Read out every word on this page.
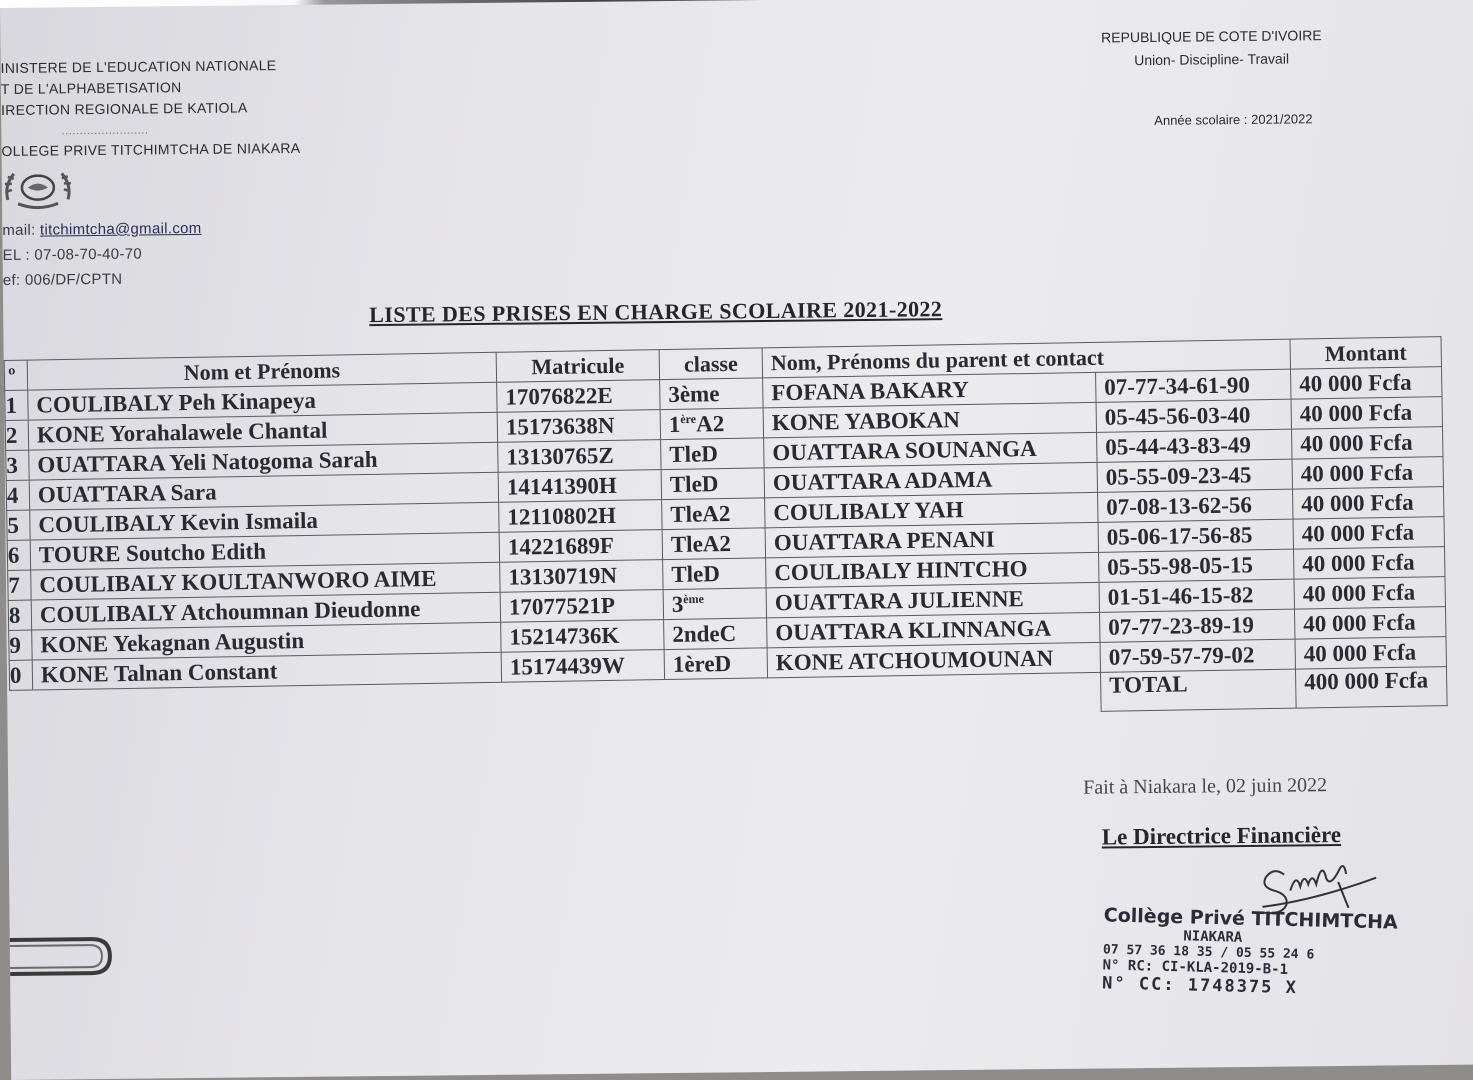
INISTERE DE L'EDUCATION NATIONALE
T DE L'ALPHABETISATION
IRECTION REGIONALE DE KATIOLA
........................
OLLEGE PRIVE TITCHIMTCHA DE NIAKARA
mail: titchimtcha@gmail.com
EL : 07-08-70-40-70
ef: 006/DF/CPTN
REPUBLIQUE DE COTE D'IVOIRE
Union- Discipline- Travail
Année scolaire : 2021/2022
LISTE DES PRISES EN CHARGE SCOLAIRE 2021-2022
º	Nom et Prénoms	Matricule	classe	Nom, Prénoms du parent et contact		Montant
1	COULIBALY Peh Kinapeya	17076822E	3ème	FOFANA BAKARY	07-77-34-61-90	40 000 Fcfa
2	KONE Yorahalawele Chantal	15173638N	1èreA2	KONE YABOKAN	05-45-56-03-40	40 000 Fcfa
3	OUATTARA Yeli Natogoma Sarah	13130765Z	TleD	OUATTARA SOUNANGA	05-44-43-83-49	40 000 Fcfa
4	OUATTARA Sara	14141390H	TleD	OUATTARA ADAMA	05-55-09-23-45	40 000 Fcfa
5	COULIBALY Kevin Ismaila	12110802H	TleA2	COULIBALY YAH	07-08-13-62-56	40 000 Fcfa
6	TOURE Soutcho Edith	14221689F	TleA2	OUATTARA PENANI	05-06-17-56-85	40 000 Fcfa
7	COULIBALY KOULTANWORO AIME	13130719N	TleD	COULIBALY HINTCHO	05-55-98-05-15	40 000 Fcfa
8	COULIBALY Atchoumnan Dieudonne	17077521P	3ème	OUATTARA JULIENNE	01-51-46-15-82	40 000 Fcfa
9	KONE Yekagnan Augustin	15214736K	2ndeC	OUATTARA KLINNANGA	07-77-23-89-19	40 000 Fcfa
0	KONE Talnan Constant	15174439W	1èreD	KONE ATCHOUMOUNAN	07-59-57-79-02	40 000 Fcfa
					TOTAL	400 000 Fcfa
Fait à Niakara le, 02 juin 2022
Le Directrice Financière
Collège Privé TITCHIMTCHA
NIAKARA
07 57 36 18 35 / 05 55 24 6
N° RC: CI-KLA-2019-B-1
N° CC: 1748375 X
